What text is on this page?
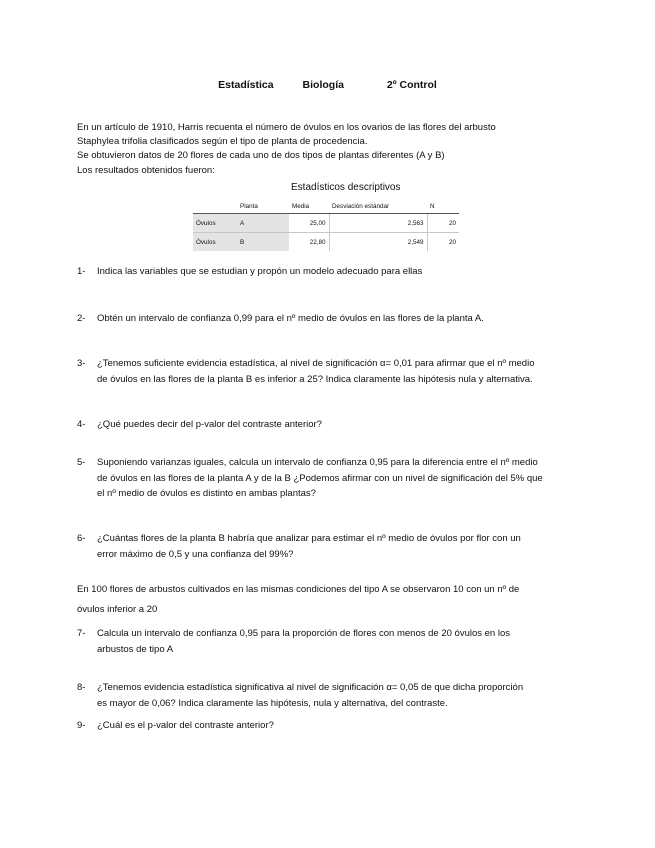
Estadística	Biología	2º Control
En un artículo de 1910, Harris recuenta el número de óvulos en los ovarios de las flores del arbusto
Staphylea trifolia clasificados según el tipo de planta de procedencia.
Se obtuvieron datos de 20 flores de cada uno de dos tipos de plantas diferentes (A y B)
Los resultados obtenidos fueron:
Estadísticos descriptivos
	Planta	Media	Desviación estándar	N
Óvulos	A	25,00	2,563	20
Óvulos	B	22,80	2,549	20
1- Indica las variables que se estudian y propón un modelo adecuado para ellas
2- Obtén un intervalo de confianza 0,99 para el nº medio de óvulos en las flores de la planta A.
3- ¿Tenemos suficiente evidencia estadística, al nivel de significación α= 0,01 para afirmar que el nº medio
de óvulos en las flores de la planta B es inferior a 25? Indica claramente las hipótesis nula y alternativa.
4- ¿Qué puedes decir del p-valor del contraste anterior?
5- Suponiendo varianzas iguales, calcula un intervalo de confianza 0,95 para la diferencia entre el nº medio
de óvulos en las flores de la planta A y de la B ¿Podemos afirmar con un nivel de significación del 5% que
el nº medio de óvulos es distinto en ambas plantas?
6- ¿Cuántas flores de la planta B habría que analizar para estimar el nº medio de óvulos por flor con un
error máximo de 0,5 y una confianza del 99%?
En 100 flores de arbustos cultivados en las mismas condiciones del tipo A se observaron 10 con un nº de
óvulos inferior a 20
7- Calcula un intervalo de confianza 0,95 para la proporción de flores con menos de 20 óvulos en los
arbustos de tipo A
8- ¿Tenemos evidencia estadística significativa al nivel de significación α= 0,05 de que dicha proporción
es mayor de 0,06? Indica claramente las hipótesis, nula y alternativa, del contraste.
9- ¿Cuál es el p-valor del contraste anterior?
